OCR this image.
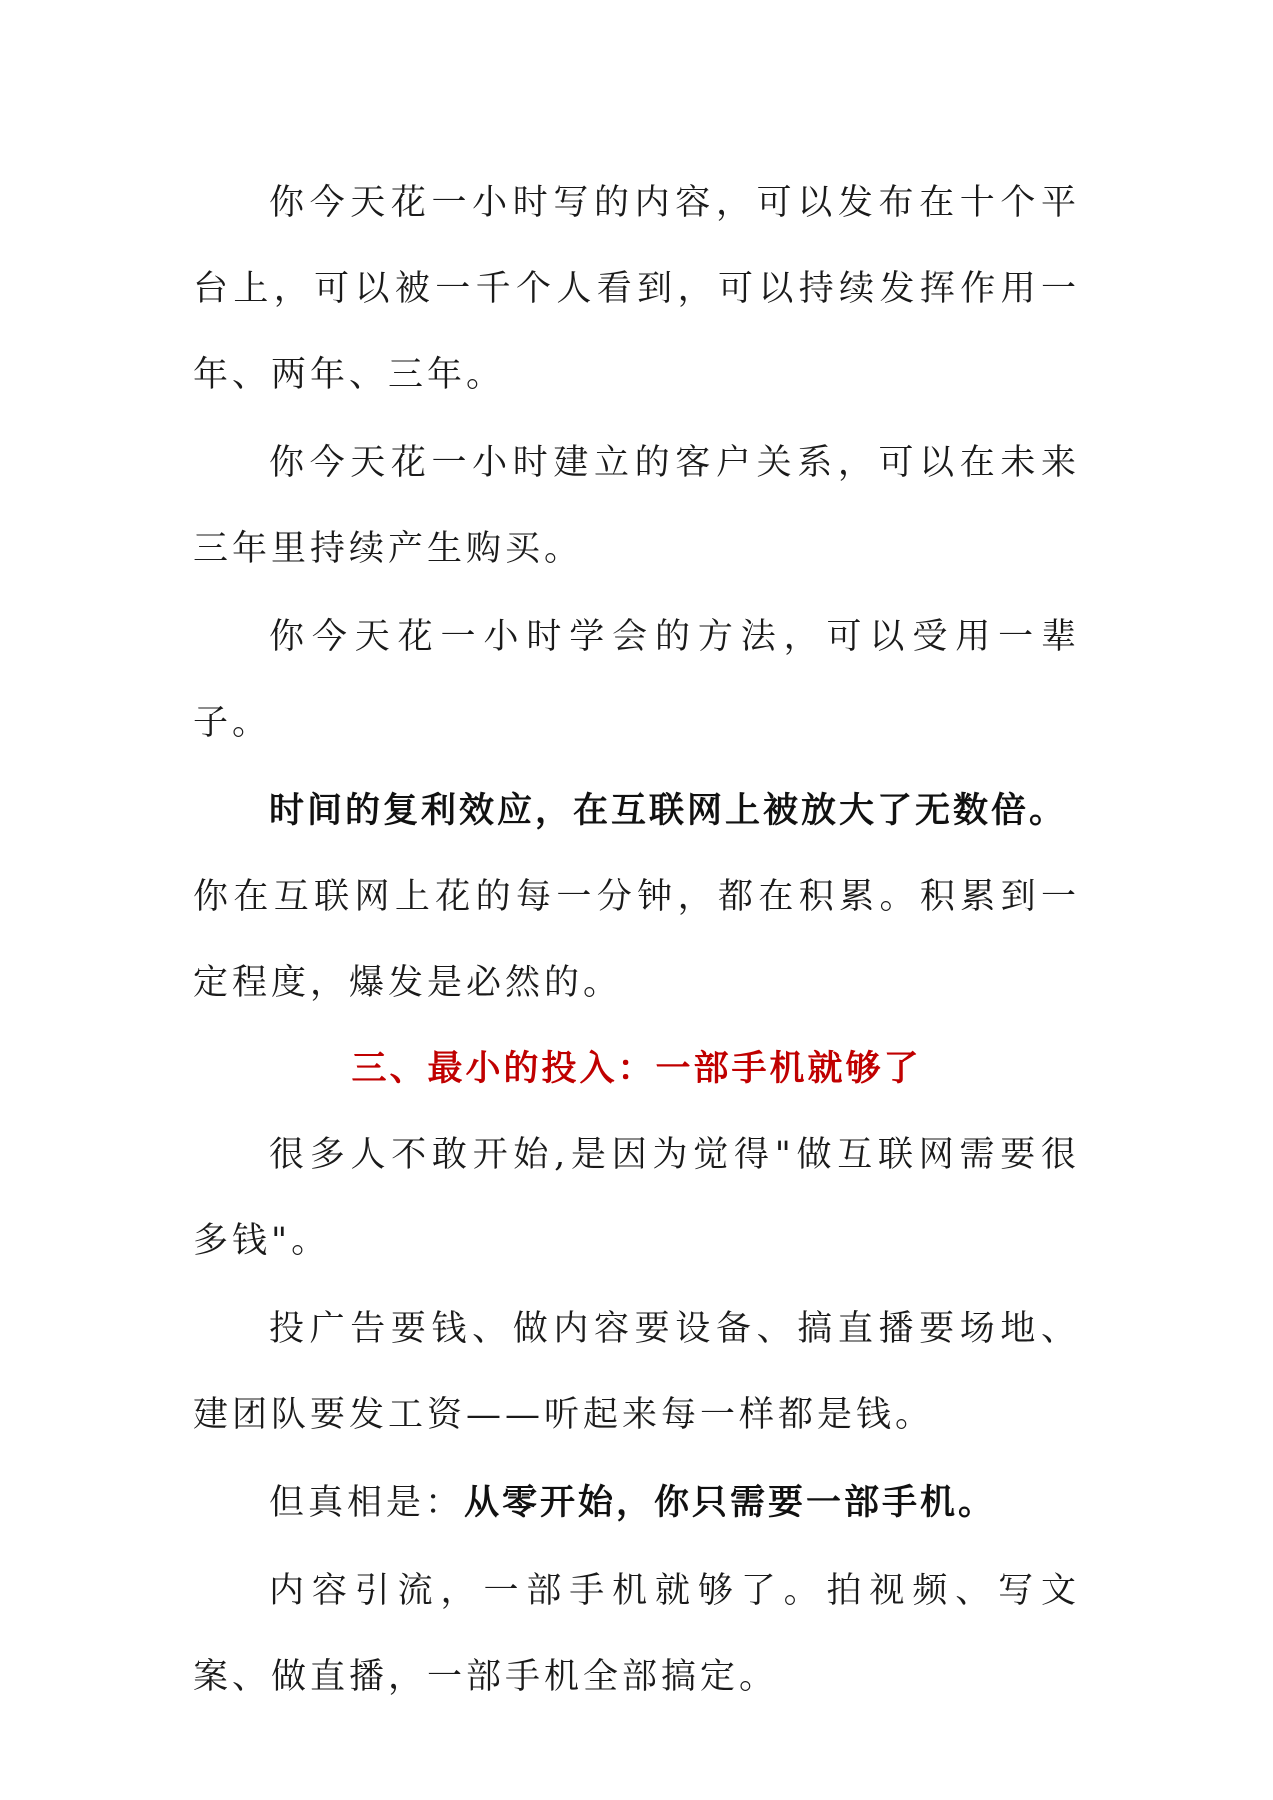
你今天花一小时写的内容，可以发布在十个平台上，可以被一千个人看到，可以持续发挥作用一年、两年、三年。

你今天花一小时建立的客户关系，可以在未来三年里持续产生购买。

你今天花一小时学会的方法，可以受用一辈子。

时间的复利效应，在互联网上被放大了无数倍。

你在互联网上花的每一分钟，都在积累。积累到一定程度，爆发是必然的。

三、最小的投入：一部手机就够了

很多人不敢开始,是因为觉得"做互联网需要很多钱"。

投广告要钱、做内容要设备、搞直播要场地、建团队要发工资——听起来每一样都是钱。

但真相是：从零开始，你只需要一部手机。

内容引流，一部手机就够了。拍视频、写文案、做直播，一部手机全部搞定。
